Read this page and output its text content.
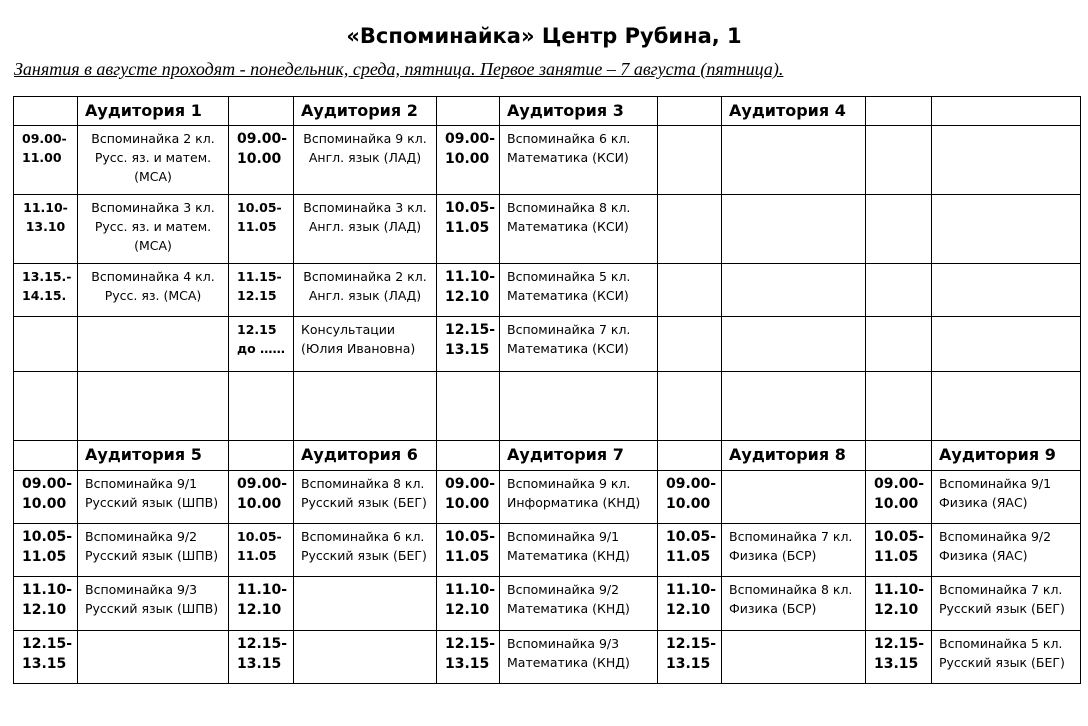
«Вспоминайка» Центр Рубина, 1
Занятия в августе проходят - понедельник, среда, пятница. Первое занятие – 7 августа (пятница).
	Аудитория 1		Аудитория 2		Аудитория 3		Аудитория 4		

09.00-
11.00	Вспоминайка 2 кл.
Русс. яз. и матем.
(МСА)	09.00-
10.00	Вспоминайка 9 кл.
Англ. язык (ЛАД)	09.00-
10.00	Вспоминайка 6 кл.
Математика (КСИ)				

11.10-
13.10	Вспоминайка 3 кл.
Русс. яз. и матем.
(МСА)	10.05-
11.05	Вспоминайка 3 кл.
Англ. язык (ЛАД)	10.05-
11.05	Вспоминайка 8 кл.
Математика (КСИ)				

13.15.-
14.15.	Вспоминайка 4 кл.
Русс. яз. (МСА)	11.15-
12.15	Вспоминайка 2 кл.
Англ. язык (ЛАД)	11.10-
12.10	Вспоминайка 5 кл.
Математика (КСИ)				

		12.15
до ……	Консультации
(Юлия Ивановна)	12.15-
13.15	Вспоминайка 7 кл.
Математика (КСИ)				

	Аудитория 5		Аудитория 6		Аудитория 7		Аудитория 8		Аудитория 9

09.00-
10.00	Вспоминайка 9/1
Русский язык (ШПВ)	09.00-
10.00	Вспоминайка 8 кл.
Русский язык (БЕГ)	09.00-
10.00	Вспоминайка 9 кл.
Информатика (КНД)	09.00-
10.00		09.00-
10.00	Вспоминайка 9/1
Физика (ЯАС)

10.05-
11.05	Вспоминайка 9/2
Русский язык (ШПВ)	10.05-
11.05	Вспоминайка 6 кл.
Русский язык (БЕГ)	10.05-
11.05	Вспоминайка 9/1
Математика (КНД)	10.05-
11.05	Вспоминайка 7 кл.
Физика (БСР)	10.05-
11.05	Вспоминайка 9/2
Физика (ЯАС)

11.10-
12.10	Вспоминайка 9/3
Русский язык (ШПВ)	11.10-
12.10		11.10-
12.10	Вспоминайка 9/2
Математика (КНД)	11.10-
12.10	Вспоминайка 8 кл.
Физика (БСР)	11.10-
12.10	Вспоминайка 7 кл.
Русский язык (БЕГ)

12.15-
13.15		12.15-
13.15		12.15-
13.15	Вспоминайка 9/3
Математика (КНД)	12.15-
13.15		12.15-
13.15	Вспоминайка 5 кл.
Русский язык (БЕГ)
